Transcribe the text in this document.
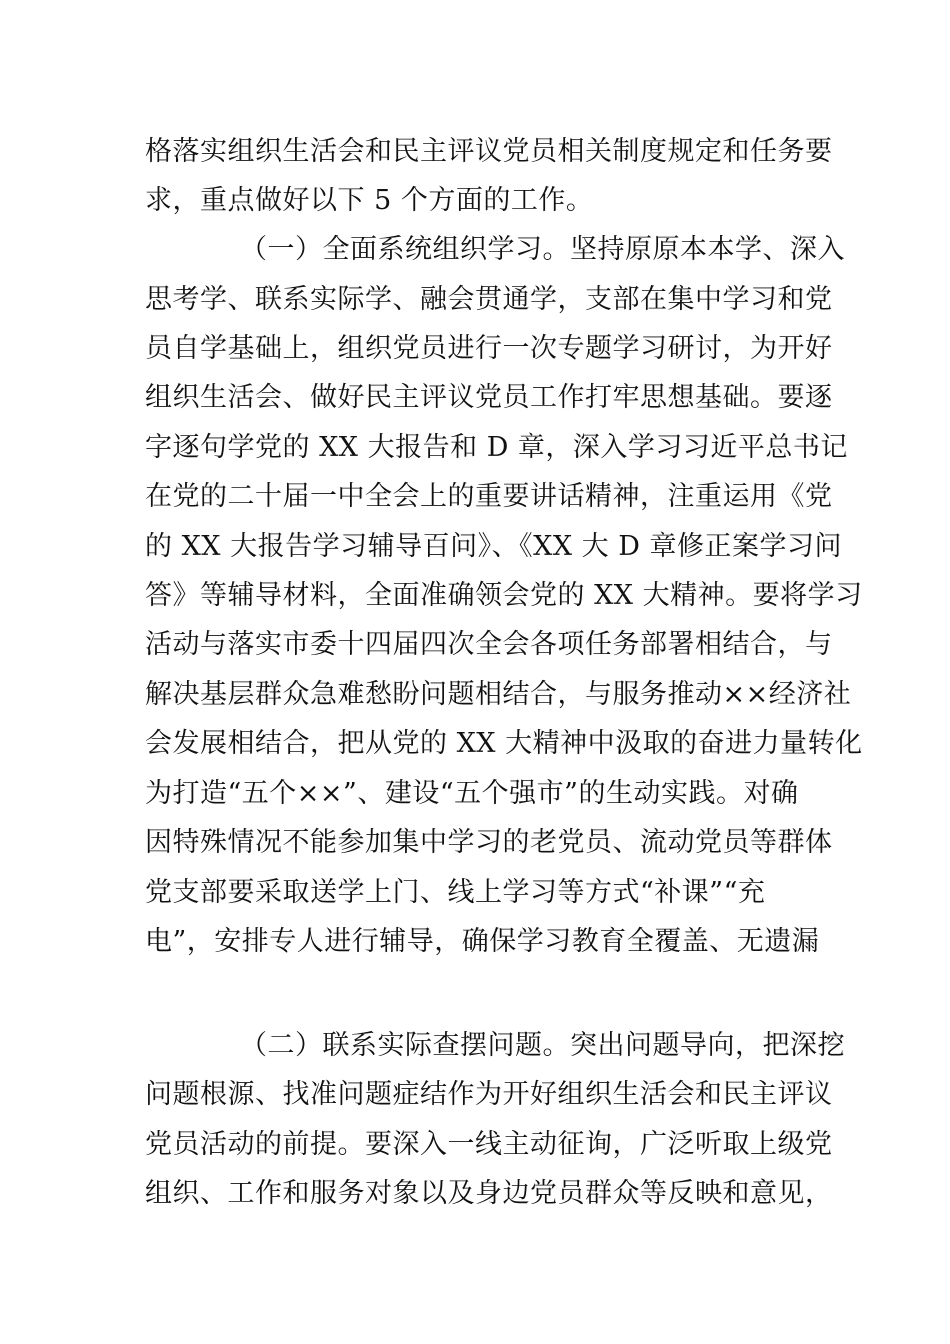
格落实组织生活会和民主评议党员相关制度规定和任务要
求，重点做好以下 5 个方面的工作。
（一）全面系统组织学习。坚持原原本本学、深入
思考学、联系实际学、融会贯通学，支部在集中学习和党
员自学基础上，组织党员进行一次专题学习研讨，为开好
组织生活会、做好民主评议党员工作打牢思想基础。要逐
字逐句学党的 XX 大报告和 D 章，深入学习习近平总书记
在党的二十届一中全会上的重要讲话精神，注重运用《党
的 XX 大报告学习辅导百问》、《XX 大 D 章修正案学习问
答》等辅导材料，全面准确领会党的 XX 大精神。要将学习
活动与落实市委十四届四次全会各项任务部署相结合，与
解决基层群众急难愁盼问题相结合，与服务推动××经济社
会发展相结合，把从党的 XX 大精神中汲取的奋进力量转化
为打造“五个××”、建设“五个强市”的生动实践。对确
因特殊情况不能参加集中学习的老党员、流动党员等群体
党支部要采取送学上门、线上学习等方式“补课”“充
电”，安排专人进行辅导，确保学习教育全覆盖、无遗漏
（二）联系实际查摆问题。突出问题导向，把深挖
问题根源、找准问题症结作为开好组织生活会和民主评议
党员活动的前提。要深入一线主动征询，广泛听取上级党
组织、工作和服务对象以及身边党员群众等反映和意见，
